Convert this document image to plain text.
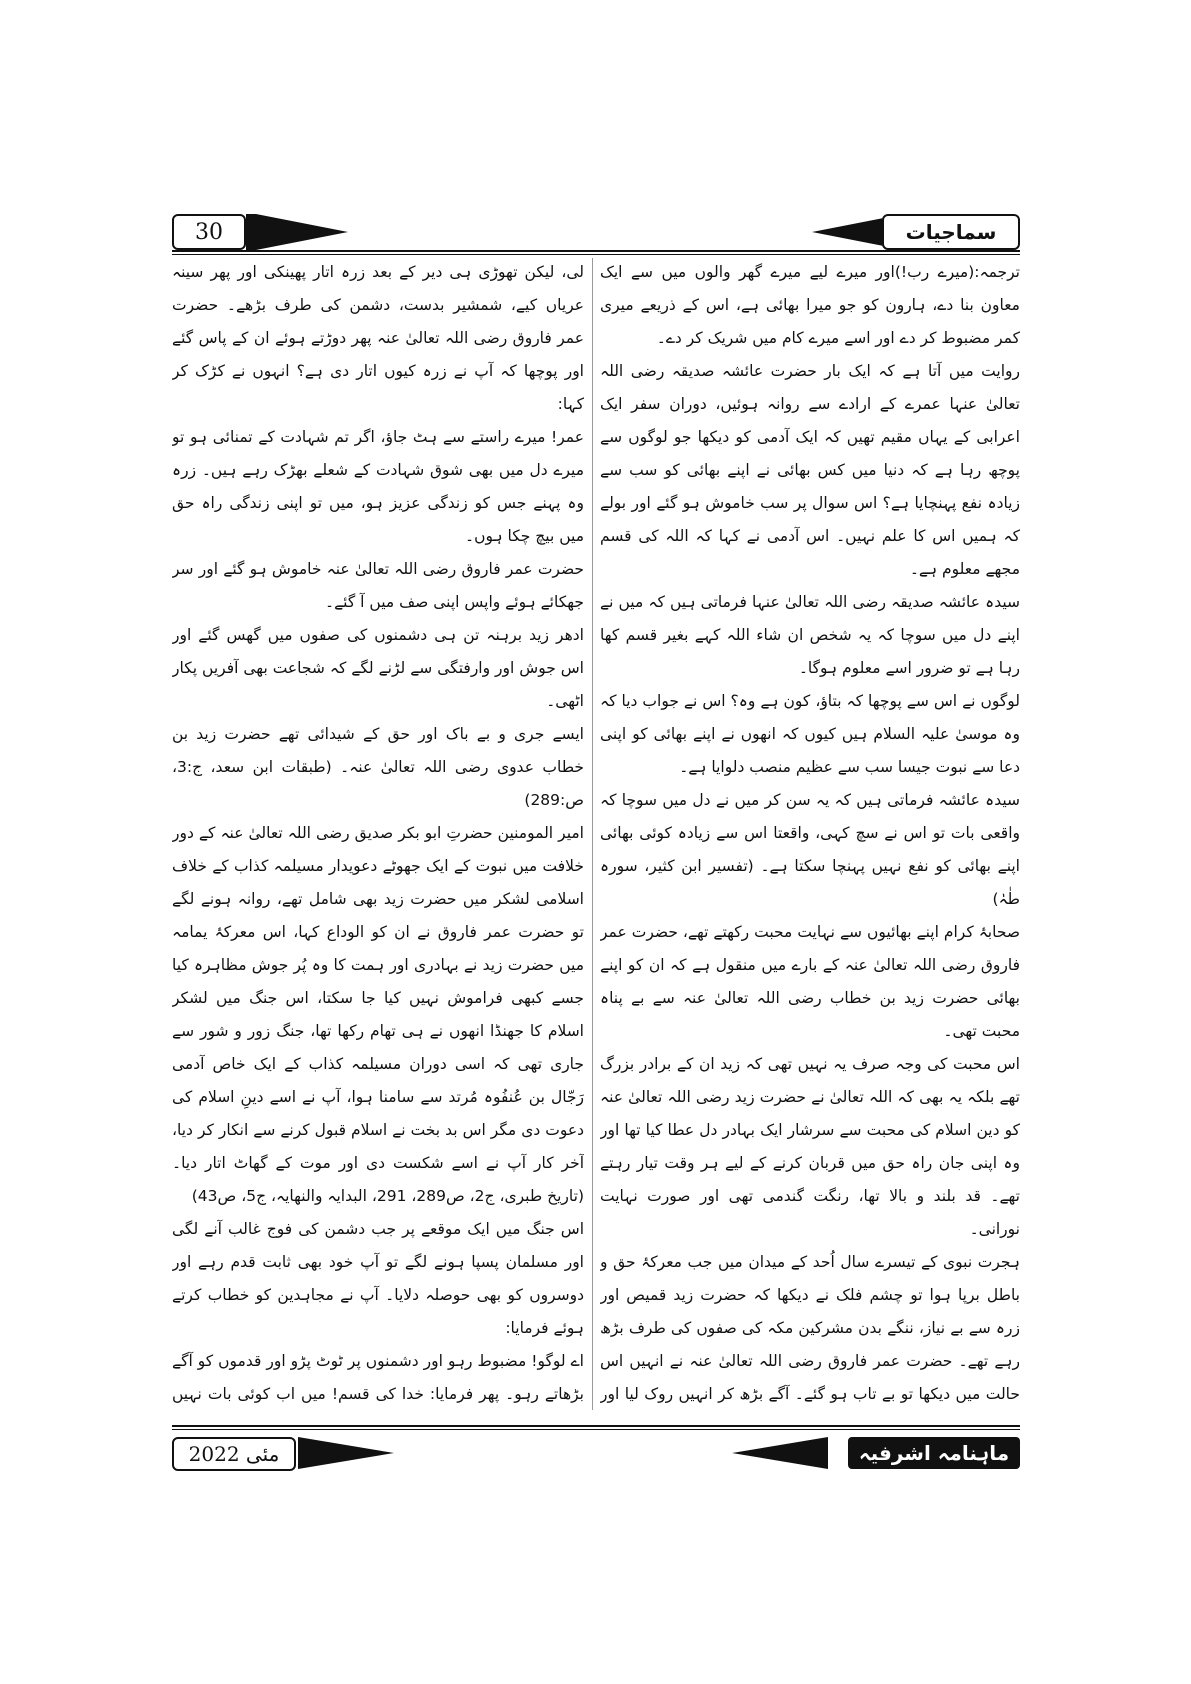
30	سماجیات

ترجمہ:(میرے رب!)اور میرے لیے میرے گھر والوں میں سے ایک معاون بنا دے، ہارون کو جو میرا بھائی ہے، اس کے ذریعے میری کمر مضبوط کر دے اور اسے میرے کام میں شریک کر دے۔

روایت میں آتا ہے کہ ایک بار حضرت عائشہ صدیقہ رضی اللہ تعالیٰ عنہا عمرے کے ارادے سے روانہ ہوئیں، دوران سفر ایک اعرابی کے یہاں مقیم تھیں کہ ایک آدمی کو دیکھا جو لوگوں سے پوچھ رہا ہے کہ دنیا میں کس بھائی نے اپنے بھائی کو سب سے زیادہ نفع پہنچایا ہے؟ اس سوال پر سب خاموش ہو گئے اور بولے کہ ہمیں اس کا علم نہیں۔ اس آدمی نے کہا کہ اللہ کی قسم مجھے معلوم ہے۔

سیدہ عائشہ صدیقہ رضی اللہ تعالیٰ عنہا فرماتی ہیں کہ میں نے اپنے دل میں سوچا کہ یہ شخص ان شاء اللہ کہے بغیر قسم کھا رہا ہے تو ضرور اسے معلوم ہوگا۔

لوگوں نے اس سے پوچھا کہ بتاؤ، کون ہے وہ؟ اس نے جواب دیا کہ وہ موسیٰ علیہ السلام ہیں کیوں کہ انھوں نے اپنے بھائی کو اپنی دعا سے نبوت جیسا سب سے عظیم منصب دلوایا ہے۔

سیدہ عائشہ فرماتی ہیں کہ یہ سن کر میں نے دل میں سوچا کہ واقعی بات تو اس نے سچ کہی، واقعتا اس سے زیادہ کوئی بھائی اپنے بھائی کو نفع نہیں پہنچا سکتا ہے۔ (تفسیر ابن کثیر، سورہ طٰہٰ)

صحابۂ کرام اپنے بھائیوں سے نہایت محبت رکھتے تھے، حضرت عمر فاروق رضی اللہ تعالیٰ عنہ کے بارے میں منقول ہے کہ ان کو اپنے بھائی حضرت زید بن خطاب رضی اللہ تعالیٰ عنہ سے بے پناہ محبت تھی۔

اس محبت کی وجہ صرف یہ نہیں تھی کہ زید ان کے برادر بزرگ تھے بلکہ یہ بھی کہ اللہ تعالیٰ نے حضرت زید رضی اللہ تعالیٰ عنہ کو دین اسلام کی محبت سے سرشار ایک بہادر دل عطا کیا تھا اور وہ اپنی جان راہ حق میں قربان کرنے کے لیے ہر وقت تیار رہتے تھے۔ قد بلند و بالا تھا، رنگت گندمی تھی اور صورت نہایت نورانی۔

ہجرت نبوی کے تیسرے سال اُحد کے میدان میں جب معرکۂ حق و باطل برپا ہوا تو چشم فلک نے دیکھا کہ حضرت زید قمیص اور زرہ سے بے نیاز، ننگے بدن مشرکین مکہ کی صفوں کی طرف بڑھ رہے تھے۔ حضرت عمر فاروق رضی اللہ تعالیٰ عنہ نے انہیں اس حالت میں دیکھا تو بے تاب ہو گئے۔ آگے بڑھ کر انہیں روک لیا اور

لی، لیکن تھوڑی ہی دیر کے بعد زرہ اتار پھینکی اور پھر سینہ عریاں کیے، شمشیر بدست، دشمن کی طرف بڑھے۔ حضرت عمر فاروق رضی اللہ تعالیٰ عنہ پھر دوڑتے ہوئے ان کے پاس گئے اور پوچھا کہ آپ نے زرہ کیوں اتار دی ہے؟ انہوں نے کڑک کر کہا:

عمر! میرے راستے سے ہٹ جاؤ، اگر تم شہادت کے تمنائی ہو تو میرے دل میں بھی شوق شہادت کے شعلے بھڑک رہے ہیں۔ زرہ وہ پہنے جس کو زندگی عزیز ہو، میں تو اپنی زندگی راہ حق میں بیچ چکا ہوں۔

حضرت عمر فاروق رضی اللہ تعالیٰ عنہ خاموش ہو گئے اور سر جھکائے ہوئے واپس اپنی صف میں آ گئے۔

ادھر زید برہنہ تن ہی دشمنوں کی صفوں میں گھس گئے اور اس جوش اور وارفتگی سے لڑنے لگے کہ شجاعت بھی آفریں پکار اٹھی۔

ایسے جری و بے باک اور حق کے شیدائی تھے حضرت زید بن خطاب عدوی رضی اللہ تعالیٰ عنہ۔ (طبقات ابن سعد، ج:3، ص:289)

امیر المومنین حضرتِ ابو بکر صدیق رضی اللہ تعالیٰ عنہ کے دور خلافت میں نبوت کے ایک جھوٹے دعویدار مسیلمہ کذاب کے خلاف اسلامی لشکر میں حضرت زید بھی شامل تھے، روانہ ہونے لگے تو حضرت عمر فاروق نے ان کو الوداع کہا، اس معرکۂ یمامہ میں حضرت زید نے بہادری اور ہمت کا وہ پُر جوش مظاہرہ کیا جسے کبھی فراموش نہیں کیا جا سکتا، اس جنگ میں لشکر اسلام کا جھنڈا انھوں نے ہی تھام رکھا تھا، جنگ زور و شور سے جاری تھی کہ اسی دوران مسیلمہ کذاب کے ایک خاص آدمی رَجّال بن عُنفُوہ مُرتد سے سامنا ہوا، آپ نے اسے دینِ اسلام کی دعوت دی مگر اس بد بخت نے اسلام قبول کرنے سے انکار کر دیا، آخر کار آپ نے اسے شکست دی اور موت کے گھاٹ اتار دیا۔ (تاریخ طبری، ج2، ص289، 291، البدایہ والنھایہ، ج5، ص43)

اس جنگ میں ایک موقعے پر جب دشمن کی فوج غالب آنے لگی اور مسلمان پسپا ہونے لگے تو آپ خود بھی ثابت قدم رہے اور دوسروں کو بھی حوصلہ دلایا۔ آپ نے مجاہدین کو خطاب کرتے ہوئے فرمایا:

اے لوگو! مضبوط رہو اور دشمنوں پر ٹوٹ پڑو اور قدموں کو آگے بڑھاتے رہو۔ پھر فرمایا: خدا کی قسم! میں اب کوئی بات نہیں

مئی 2022	ماہنامہ اشرفیہ
